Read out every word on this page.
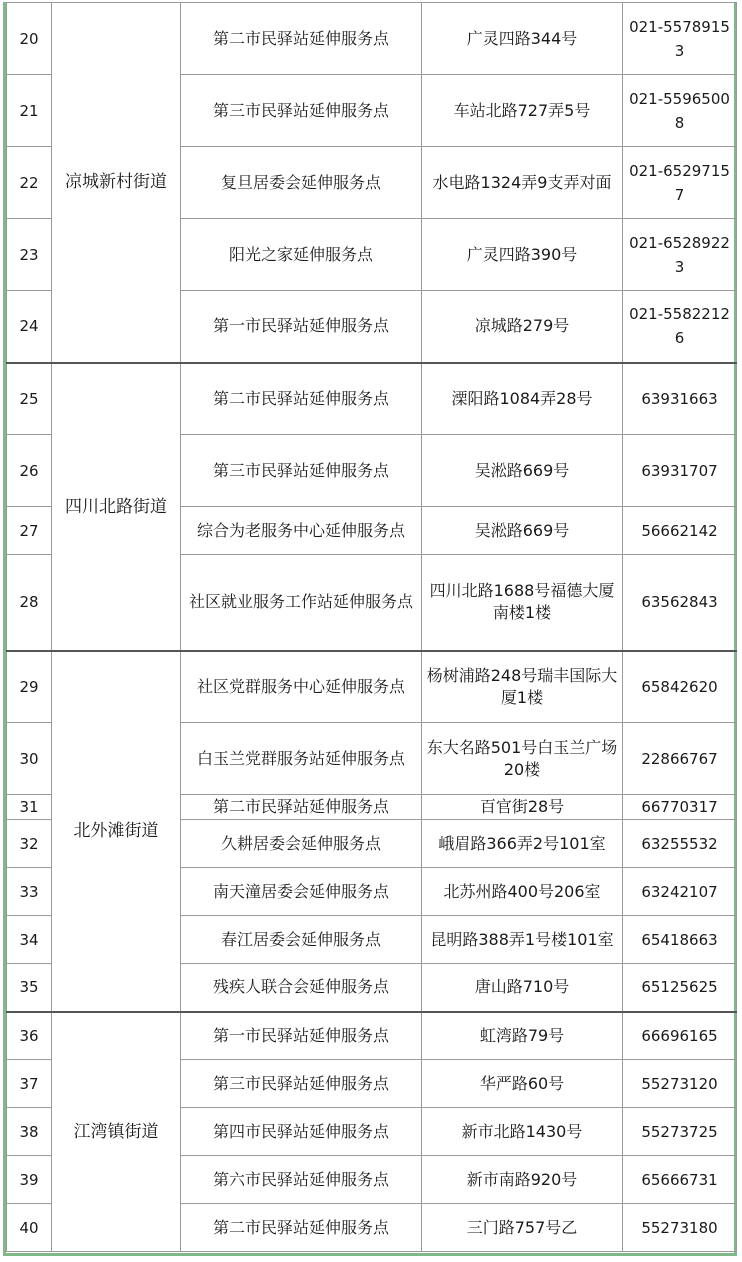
20	凉城新村街道	第二市民驿站延伸服务点	广灵四路344号	021-55789153
21		第三市民驿站延伸服务点	车站北路727弄5号	021-55965008
22		复旦居委会延伸服务点	水电路1324弄9支弄对面	021-65297157
23		阳光之家延伸服务点	广灵四路390号	021-65289223
24		第一市民驿站延伸服务点	凉城路279号	021-55822126
25	四川北路街道	第二市民驿站延伸服务点	溧阳路1084弄28号	63931663
26		第三市民驿站延伸服务点	吴淞路669号	63931707
27		综合为老服务中心延伸服务点	吴淞路669号	56662142
28		社区就业服务工作站延伸服务点	四川北路1688号福德大厦南楼1楼	63562843
29	北外滩街道	社区党群服务中心延伸服务点	杨树浦路248号瑞丰国际大厦1楼	65842620
30		白玉兰党群服务站延伸服务点	东大名路501号白玉兰广场20楼	22866767
31		第二市民驿站延伸服务点	百官街28号	66770317
32		久耕居委会延伸服务点	峨眉路366弄2号101室	63255532
33		南天潼居委会延伸服务点	北苏州路400号206室	63242107
34		春江居委会延伸服务点	昆明路388弄1号楼101室	65418663
35		残疾人联合会延伸服务点	唐山路710号	65125625
36	江湾镇街道	第一市民驿站延伸服务点	虹湾路79号	66696165
37		第三市民驿站延伸服务点	华严路60号	55273120
38		第四市民驿站延伸服务点	新市北路1430号	55273725
39		第六市民驿站延伸服务点	新市南路920号	65666731
40		第二市民驿站延伸服务点	三门路757号乙	55273180
